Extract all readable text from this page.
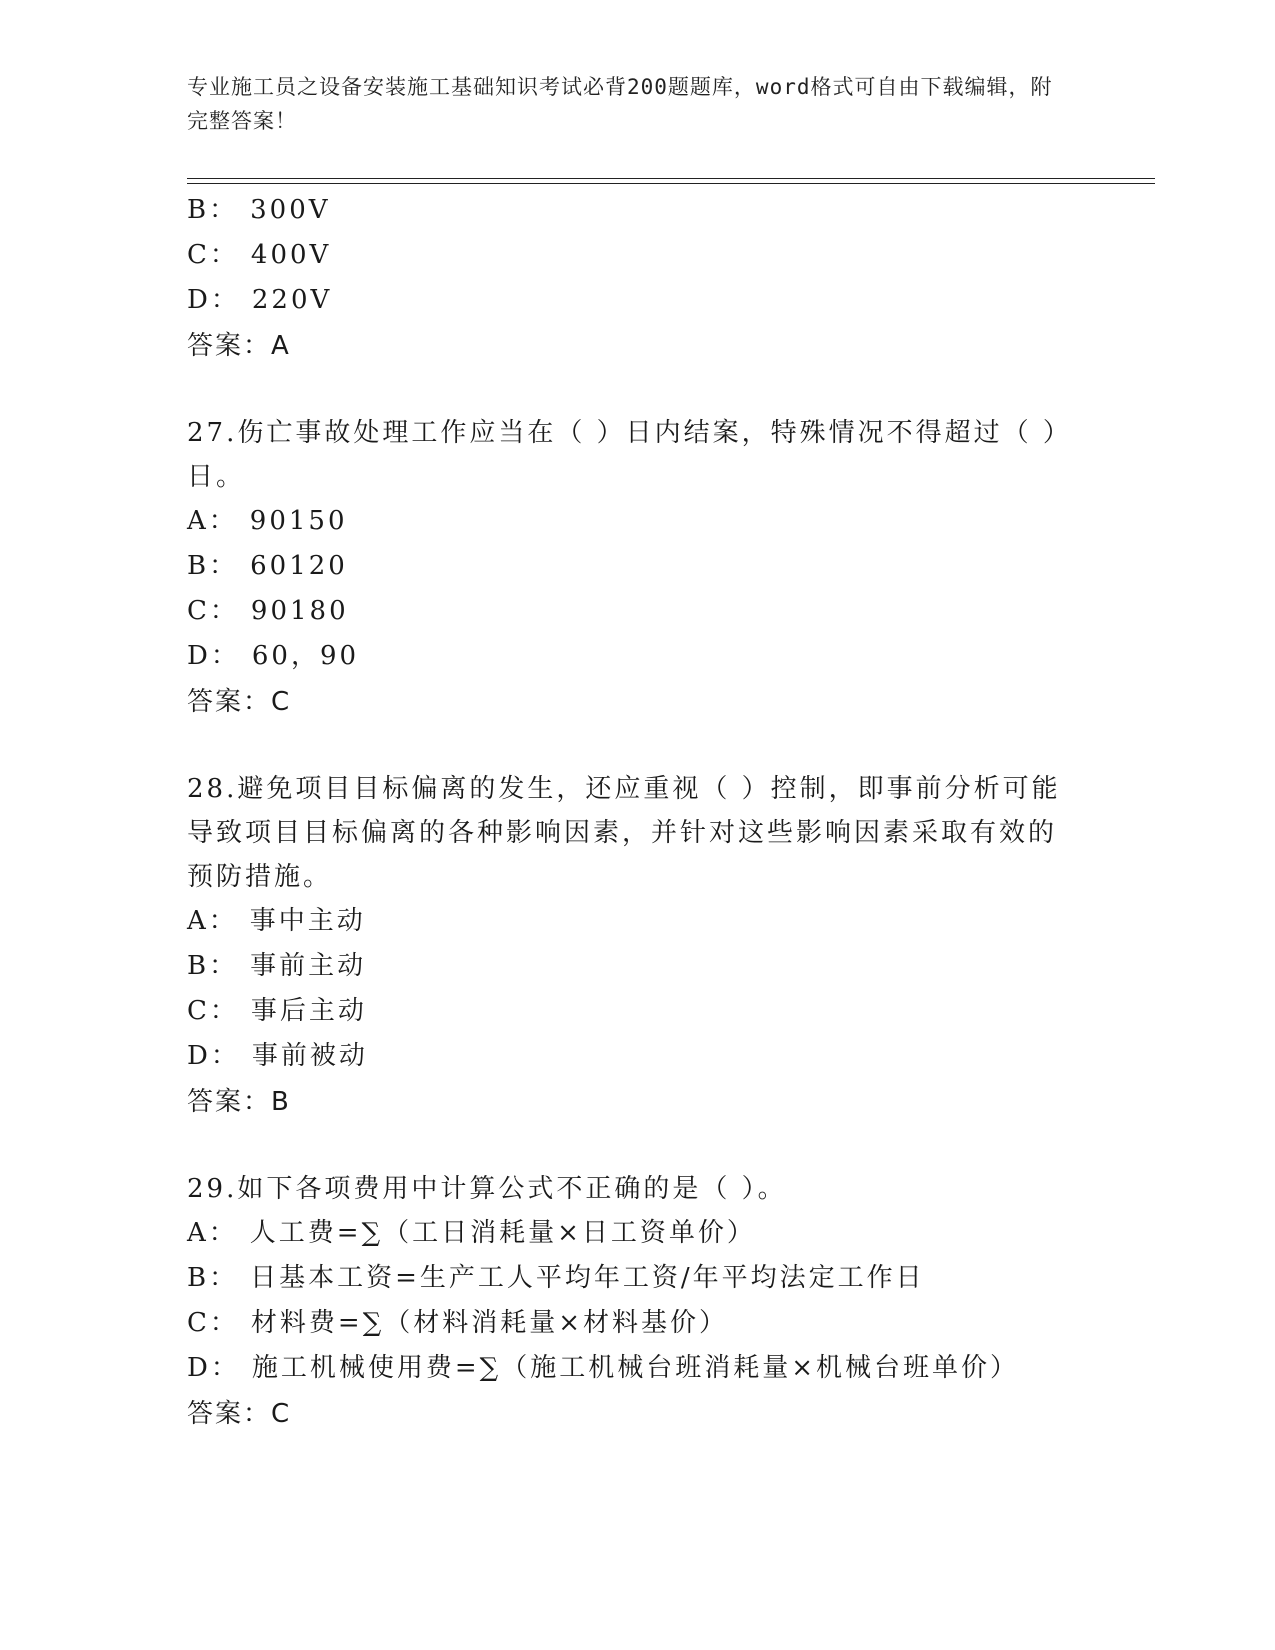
专业施工员之设备安装施工基础知识考试必背200题题库，word格式可自由下载编辑，附完整答案！
B： 300V
C： 400V
D： 220V
答案：A
27.伤亡事故处理工作应当在（ ）日内结案，特殊情况不得超过（ ）日。
A： 90150
B： 60120
C： 90180
D： 60，90
答案：C
28.避免项目目标偏离的发生，还应重视（ ）控制，即事前分析可能导致项目目标偏离的各种影响因素，并针对这些影响因素采取有效的预防措施。
A： 事中主动
B： 事前主动
C： 事后主动
D： 事前被动
答案：B
29.如下各项费用中计算公式不正确的是（ ）。
A： 人工费=∑（工日消耗量×日工资单价）
B： 日基本工资=生产工人平均年工资/年平均法定工作日
C： 材料费=∑（材料消耗量×材料基价）
D： 施工机械使用费=∑（施工机械台班消耗量×机械台班单价）
答案：C
